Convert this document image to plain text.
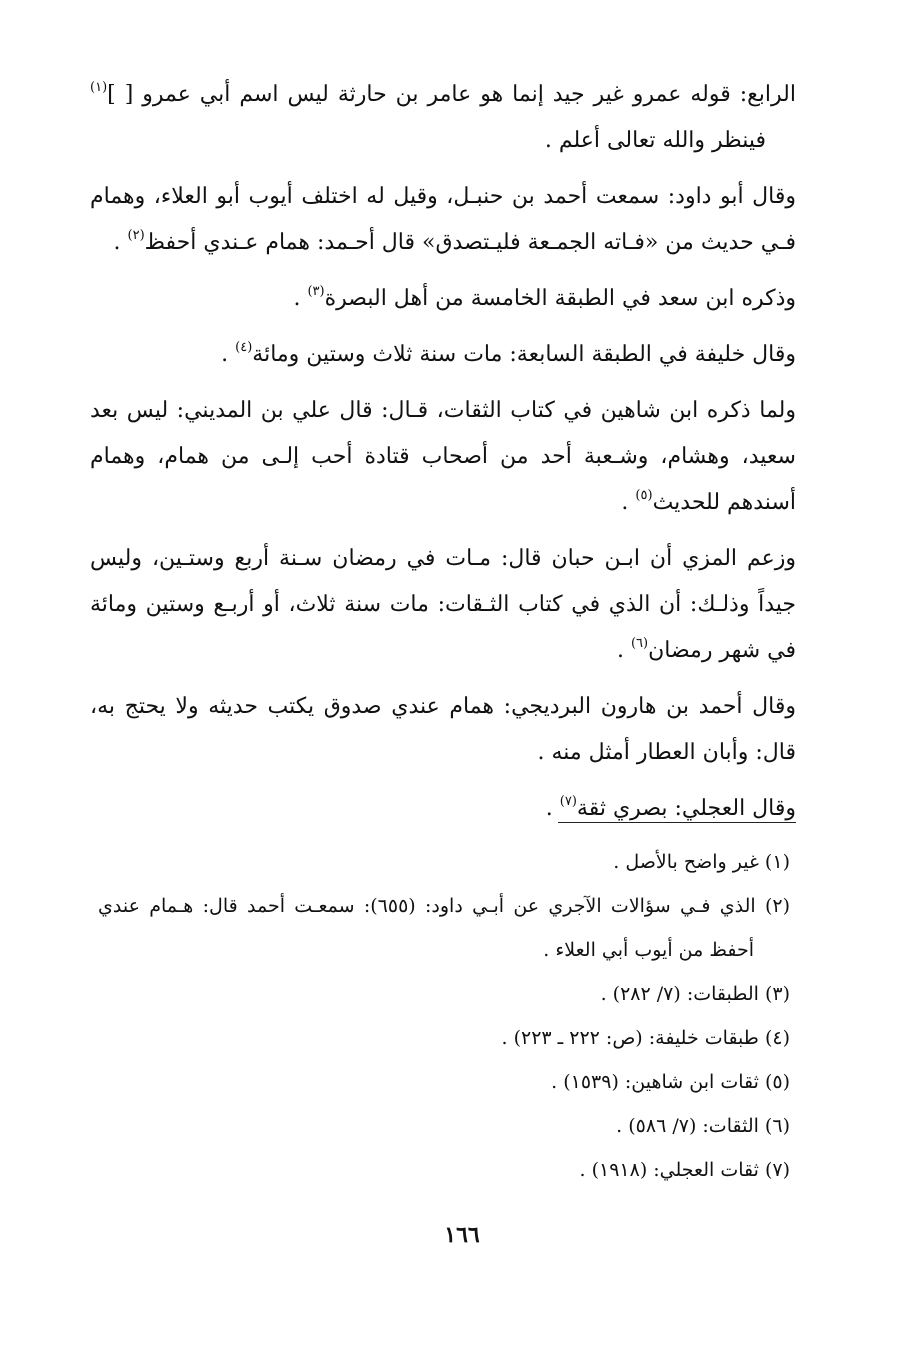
الرابع: قوله عمرو غير جيد إنما هو عامر بن حارثة ليس اسم أبي عمرو [ ]$^{(١)}$ فينظر والله تعالى أعلم .

وقال أبو داود: سمعت أحمد بن حنبـل، وقيل له اختلف أيوب أبو العلاء، وهمام فـي حديث من «فـاته الجمـعة فليـتصدق» قال أحـمد: همام عـندي أحفظ$^{(٢)}$ .

وذكره ابن سعد في الطبقة الخامسة من أهل البصرة$^{(٣)}$ .

وقال خليفة في الطبقة السابعة: مات سنة ثلاث وستين ومائة$^{(٤)}$ .

ولما ذكره ابن شاهين في كتاب الثقات، قـال: قال علي بن المديني: ليس بعد سعيد، وهشام، وشـعبة أحد من أصحاب قتادة أحب إلـى من همام، وهمام أسندهم للحديث$^{(٥)}$ .

وزعم المزي أن ابـن حبان قال: مـات في رمضان سـنة أربع وستـين، وليس جيداً وذلـك: أن الذي في كتاب الثـقات: مات سنة ثلاث، أو أربـع وستين ومائة في شهر رمضان$^{(٦)}$ .

وقال أحمد بن هارون البرديجي: همام عندي صدوق يكتب حديثه ولا يحتج به، قال: وأبان العطار أمثل منه .

وقال العجلي: بصري ثقة$^{(٧)}$ .

(١) غير واضح بالأصل .

(٢) الذي فـي سؤالات الآجري عن أبـي داود: (٦٥٥): سمعـت أحمد قال: هـمام عندي أحفظ من أيوب أبي العلاء .

(٣) الطبقات: (٧/ ٢٨٢) .

(٤) طبقات خليفة: (ص: ٢٢٢ ـ ٢٢٣) .

(٥) ثقات ابن شاهين: (١٥٣٩) .

(٦) الثقات: (٧/ ٥٨٦) .

(٧) ثقات العجلي: (١٩١٨) .

١٦٦
